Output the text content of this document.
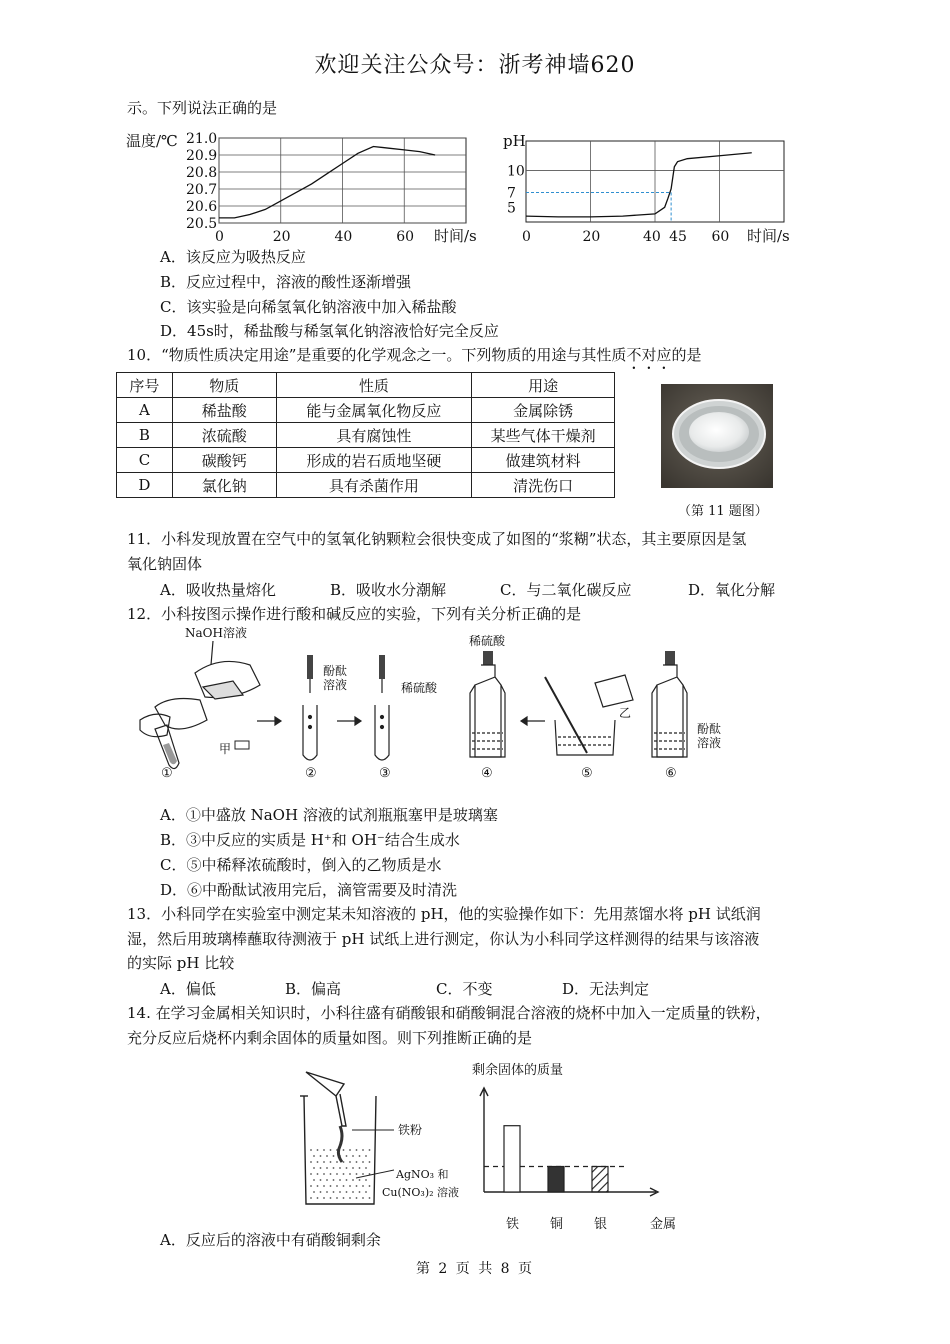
欢迎关注公众号：浙考神墙620
示。下列说法正确的是
温度/℃ 21.0
20.9
20.8
20.7
20.6
20.5
0	20	40	60 时间/s
pH
10
7
5
0	20	40 45 60 时间/s
A．该反应为吸热反应
B．反应过程中，溶液的酸性逐渐增强
C．该实验是向稀氢氧化钠溶液中加入稀盐酸
D．45s时，稀盐酸与稀氢氧化钠溶液恰好完全反应
10．“物质性质决定用途”是重要的化学观念之一。下列物质的用途与其性质不对应的是
序号	物质	性质	用途
A	稀盐酸	能与金属氧化物反应	金属除锈
B	浓硫酸	具有腐蚀性	某些气体干燥剂
C	碳酸钙	形成的岩石质地坚硬	做建筑材料
D	氯化钠	具有杀菌作用	清洗伤口
（第 11 题图）
11．小科发现放置在空气中的氢氧化钠颗粒会很快变成了如图的“浆糊”状态，其主要原因是氢
氧化钠固体
A．吸收热量熔化	B．吸收水分潮解	C．与二氧化碳反应	D．氧化分解
12．小科按图示操作进行酸和碱反应的实验，下列有关分析正确的是
NaOH溶液
甲
①
酚酞
溶液
②
稀硫酸
③
稀硫酸
④
乙
⑤
酚酞
溶液
⑥
A．①中盛放 NaOH 溶液的试剂瓶瓶塞甲是玻璃塞
B．③中反应的实质是 H⁺和 OH⁻结合生成水
C．⑤中稀释浓硫酸时，倒入的乙物质是水
D．⑥中酚酞试液用完后，滴管需要及时清洗
13．小科同学在实验室中测定某未知溶液的 pH，他的实验操作如下：先用蒸馏水将 pH 试纸润
湿，然后用玻璃棒蘸取待测液于 pH 试纸上进行测定，你认为小科同学这样测得的结果与该溶液
的实际 pH 比较
A．偏低	B．偏高	C．不变	D．无法判定
14. 在学习金属相关知识时，小科往盛有硝酸银和硝酸铜混合溶液的烧杯中加入一定质量的铁粉，
充分反应后烧杯内剩余固体的质量如图。则下列推断正确的是
铁粉
AgNO₃ 和
Cu(NO₃)₂ 溶液
剩余固体的质量
铁 铜 银	金属
A．反应后的溶液中有硝酸铜剩余
第 2 页 共 8 页
